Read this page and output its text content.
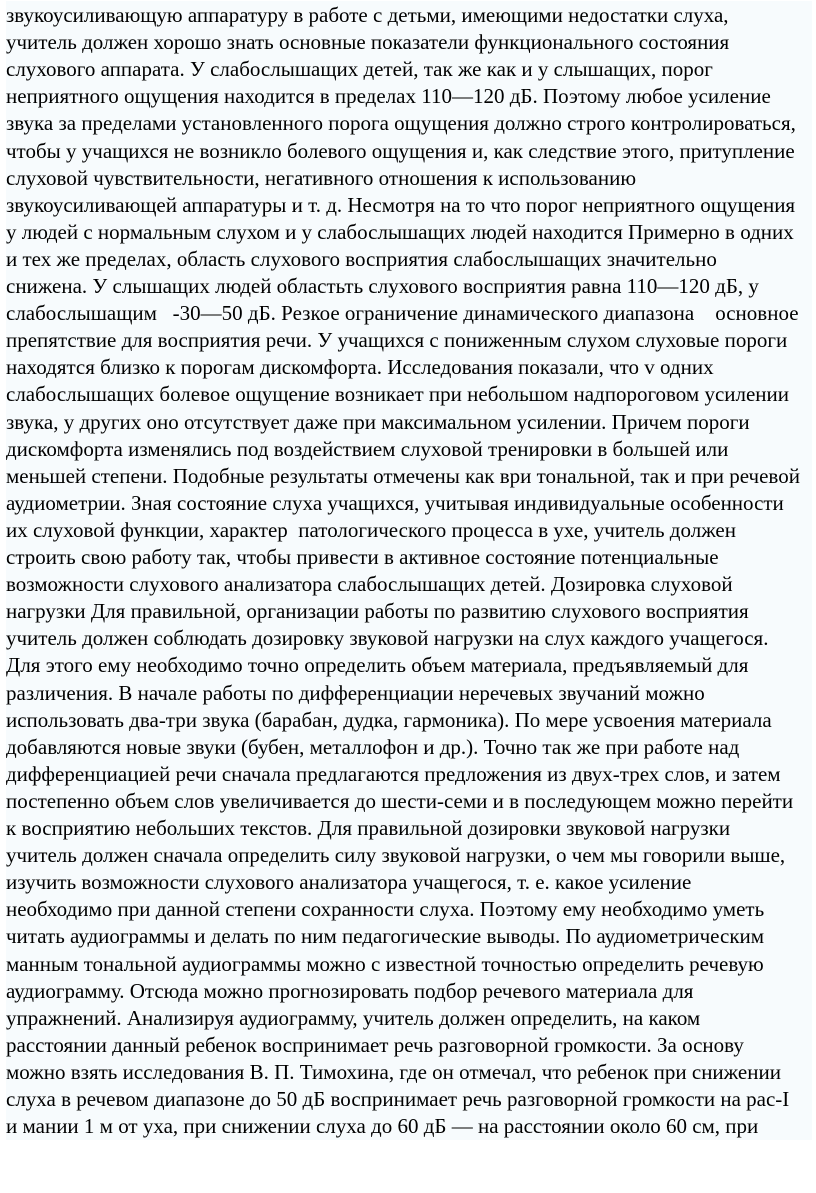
звукоусиливающую аппаратуру в работе с детьми, имеющими недостатки слуха,
учитель должен хорошо знать основные показатели функционального состояния
слухового аппарата. У слабослышащих детей, так же как и у слышащих, порог
неприятного ощущения находится в пределах 110—120 дБ. Поэтому любое усиление
звука за пределами установленного порога ощущения должно строго контролироваться,
чтобы у учащихся не возникло болевого ощущения и, как следствие этого, притупление
слуховой чувствительности, негативного отношения к использованию
звукоусиливающей аппаратуры и т. д. Несмотря на то что порог неприятного ощущения
у людей с нормальным слухом и у слабослышащих людей находится Примерно в одних
и тех же пределах, область слухового восприятия слабослышащих значительно
снижена. У слышащих людей областьть слухового восприятия равна 110—120 дБ, у
слабослышащим   -30—50 дБ. Резкое ограничение динамического диапазона    основное
препятствие для восприятия речи. У учащихся с пониженным слухом слуховые пороги
находятся близко к порогам дискомфорта. Исследования показали, что v одних
слабослышащих болевое ощущение возникает при небольшом надпороговом усилении
звука, у других оно отсутствует даже при максимальном усилении. Причем пороги
дискомфорта изменялись под воздействием слуховой тренировки в большей или
меньшей степени. Подобные результаты отмечены как ври тональной, так и при речевой
аудиометрии. Зная состояние слуха учащихся, учитывая индивидуальные особенности
их слуховой функции, характер  патологического процесса в ухе, учитель должен
строить свою работу так, чтобы привести в активное состояние потенциальные
возможности слухового анализатора слабослышащих детей. Дозировка слуховой
нагрузки Для правильной, организации работы по развитию слухового восприятия
учитель должен соблюдать дозировку звуковой нагрузки на слух каждого учащегося.
Для этого ему необходимо точно определить объем материала, предъявляемый для
различения. В начале работы по дифференциации неречевых звучаний можно
использовать два-три звука (барабан, дудка, гармоника). По мере усвоения материала
добавляются новые звуки (бубен, металлофон и др.). Точно так же при работе над
дифференциацией речи сначала предлагаются предложения из двух-трех слов, и затем
постепенно объем слов увеличивается до шести-семи и в последующем можно перейти
к восприятию небольших текстов. Для правильной дозировки звуковой нагрузки
учитель должен сначала определить силу звуковой нагрузки, о чем мы говорили выше,
изучить возможности слухового анализатора учащегося, т. е. какое усиление
необходимо при данной степени сохранности слуха. Поэтому ему необходимо уметь
читать аудиограммы и делать по ним педагогические выводы. По аудиометрическим
манным тональной аудиограммы можно с известной точностью определить речевую
аудиограмму. Отсюда можно прогнозировать подбор речевого материала для
упражнений. Анализируя аудиограмму, учитель должен определить, на каком
расстоянии данный ребенок воспринимает речь разговорной громкости. За основу
можно взять исследования В. П. Тимохина, где он отмечал, что ребенок при снижении
слуха в речевом диапазоне до 50 дБ воспринимает речь разговорной громкости на рас-I
и мании 1 м от уха, при снижении слуха до 60 дБ — на расстоянии около 60 см, при
